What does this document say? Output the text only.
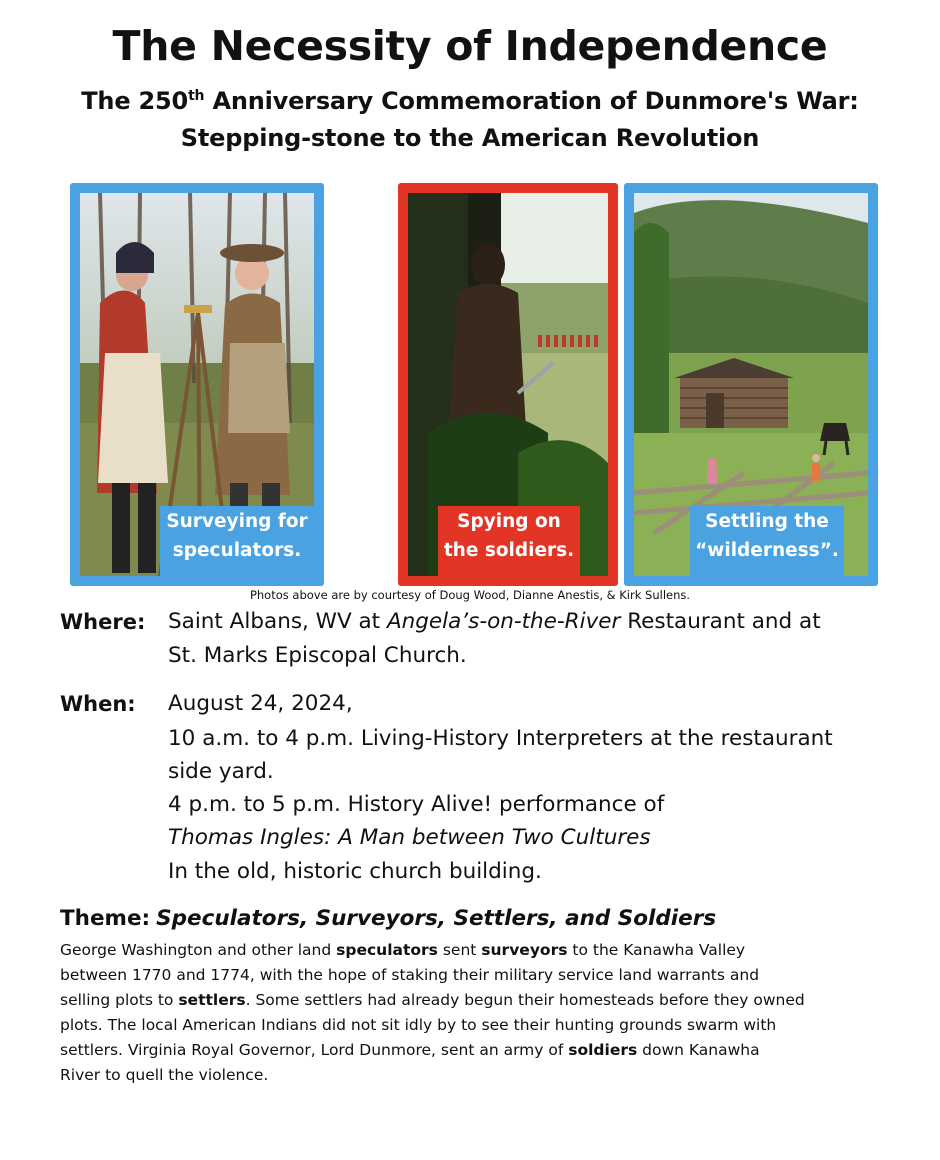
The Necessity of Independence
The 250th Anniversary Commemoration of Dunmore's War:
Stepping-stone to the American Revolution
Surveying for
speculators.
Spying on
the soldiers.
Settling the
“wilderness”.
Photos above are by courtesy of Doug Wood, Dianne Anestis, & Kirk Sullens.
Where: Saint Albans, WV at Angela’s-on-the-River Restaurant and at
St. Marks Episcopal Church.
When: August 24, 2024,
10 a.m. to 4 p.m. Living-History Interpreters at the restaurant
side yard.
4 p.m. to 5 p.m. History Alive! performance of
Thomas Ingles: A Man between Two Cultures
In the old, historic church building.
Theme: Speculators, Surveyors, Settlers, and Soldiers
George Washington and other land speculators sent surveyors to the Kanawha Valley
between 1770 and 1774, with the hope of staking their military service land warrants and
selling plots to settlers. Some settlers had already begun their homesteads before they owned
plots. The local American Indians did not sit idly by to see their hunting grounds swarm with
settlers. Virginia Royal Governor, Lord Dunmore, sent an army of soldiers down Kanawha
River to quell the violence.
